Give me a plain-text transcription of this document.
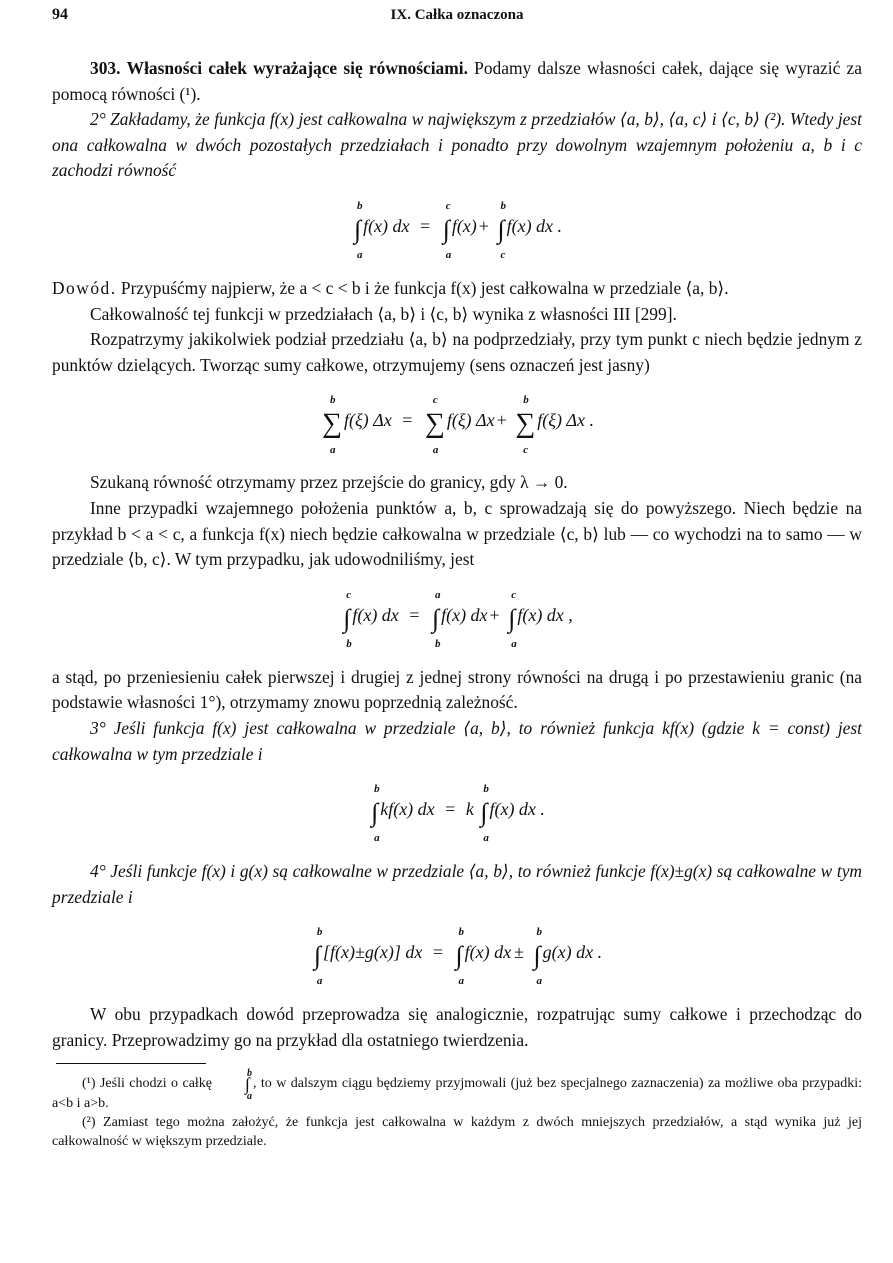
94	IX. Całka oznaczona

303. Własności całek wyrażające się równościami. Podamy dalsze własności całek, dające się wyrazić za pomocą równości (¹).

2° Zakładamy, że funkcja f(x) jest całkowalna w największym z przedziałów ⟨a, b⟩, ⟨a, c⟩ i ⟨c, b⟩ (²). Wtedy jest ona całkowalna w dwóch pozostałych przedziałach i ponadto przy dowolnym wzajemnym położeniu a, b i c zachodzi równość

∫
b
a
f(x) dx = ∫
c
a
f(x) + ∫
b
c
f(x) dx .

Dowód. Przypuśćmy najpierw, że a < c < b i że funkcja f(x) jest całkowalna w przedziale ⟨a, b⟩.

Całkowalność tej funkcji w przedziałach ⟨a, b⟩ i ⟨c, b⟩ wynika z własności III [299].

Rozpatrzymy jakikolwiek podział przedziału ⟨a, b⟩ na podprzedziały, przy tym punkt c niech będzie jednym z punktów dzielących. Tworząc sumy całkowe, otrzymujemy (sens oznaczeń jest jasny)

∑
b
a
f(ξ) Δx = ∑
c
a
f(ξ) Δx + ∑
b
c
f(ξ) Δx .

Szukaną równość otrzymamy przez przejście do granicy, gdy λ → 0.

Inne przypadki wzajemnego położenia punktów a, b, c sprowadzają się do powyższego. Niech będzie na przykład b < a < c, a funkcja f(x) niech będzie całkowalna w przedziale ⟨c, b⟩ lub — co wychodzi na to samo — w przedziale ⟨b, c⟩. W tym przypadku, jak udowodniliśmy, jest

∫
c
b
f(x) dx = ∫
a
b
f(x) dx + ∫
c
a
f(x) dx ,

a stąd, po przeniesieniu całek pierwszej i drugiej z jednej strony równości na drugą i po przestawieniu granic (na podstawie własności 1°), otrzymamy znowu poprzednią zależność.

3° Jeśli funkcja f(x) jest całkowalna w przedziale ⟨a, b⟩, to również funkcja kf(x) (gdzie k = const) jest całkowalna w tym przedziale i

∫
b
a
kf(x) dx = k ∫
b
a
f(x) dx .

4° Jeśli funkcje f(x) i g(x) są całkowalne w przedziale ⟨a, b⟩, to również funkcje f(x)±g(x) są całkowalne w tym przedziale i

∫
b
a
[f(x)±g(x)] dx = ∫
b
a
f(x) dx ± ∫
b
a
g(x) dx .

W obu przypadkach dowód przeprowadza się analogicznie, rozpatrując sumy całkowe i przechodząc do granicy. Przeprowadzimy go na przykład dla ostatniego twierdzenia.

(¹) Jeśli chodzi o całkę ∫
b
a
, to w dalszym ciągu będziemy przyjmowali (już bez specjalnego zaznaczenia) za możliwe oba przypadki: a<b i a>b.

(²) Zamiast tego można założyć, że funkcja jest całkowalna w każdym z dwóch mniejszych przedziałów, a stąd wynika już jej całkowalność w większym przedziale.
